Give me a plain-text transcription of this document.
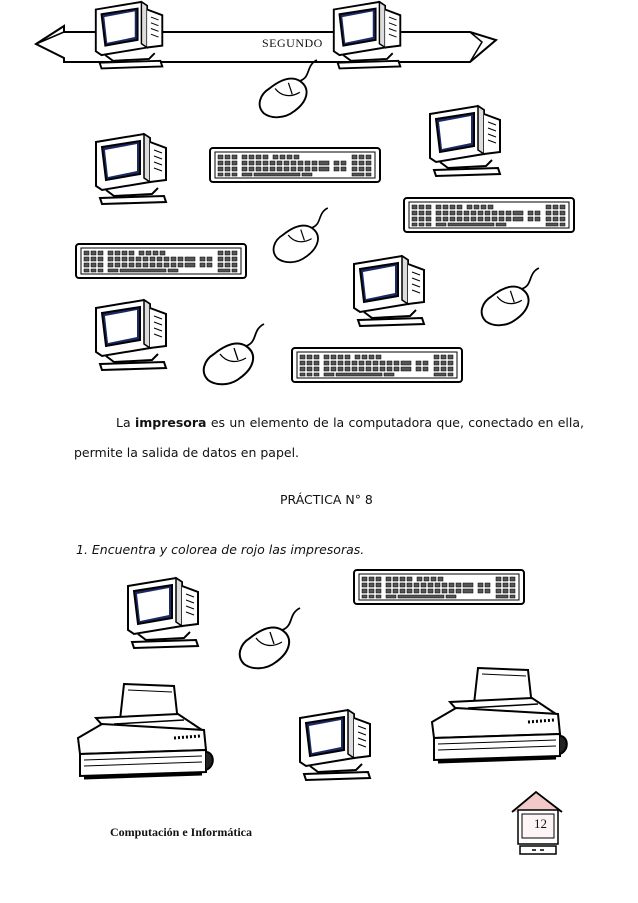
SEGUNDO
La impresora es un elemento de la computadora que, conectado en ella,
permite la salida de datos en papel.
PRÁCTICA N° 8
1. Encuentra y colorea de rojo las impresoras.
Computación e Informática
12
